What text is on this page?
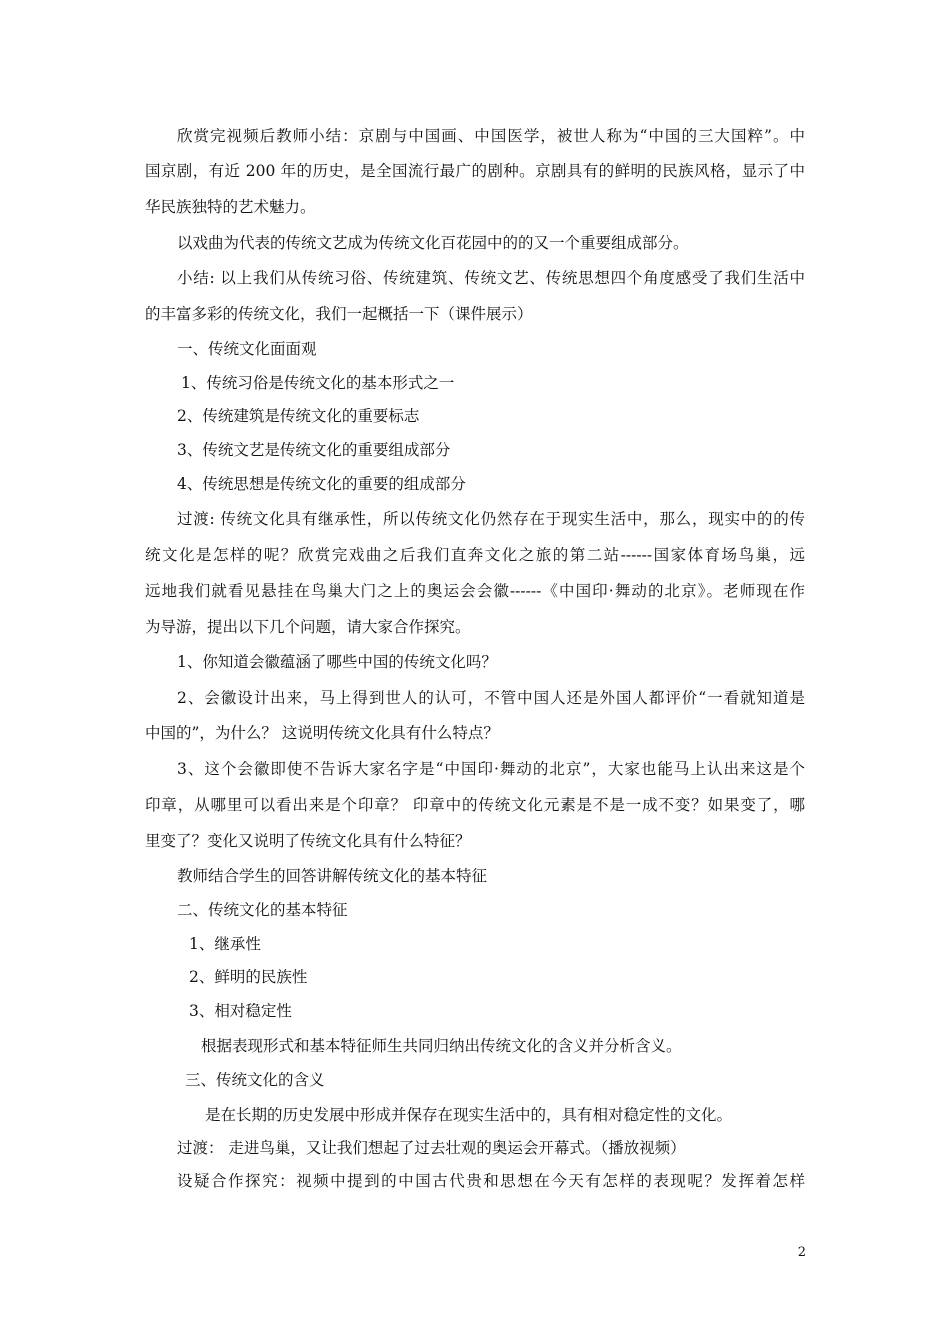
欣赏完视频后教师小结：京剧与中国画、中国医学，被世人称为“中国的三大国粹”。中

国京剧，有近 200 年的历史，是全国流行最广的剧种。京剧具有的鲜明的民族风格，显示了中

华民族独特的艺术魅力。

以戏曲为代表的传统文艺成为传统文化百花园中的的又一个重要组成部分。

小结: 以上我们从传统习俗、传统建筑、传统文艺、传统思想四个角度感受了我们生活中

的丰富多彩的传统文化，我们一起概括一下（课件展示）

一、传统文化面面观

1、传统习俗是传统文化的基本形式之一

2、传统建筑是传统文化的重要标志

3、传统文艺是传统文化的重要组成部分

4、传统思想是传统文化的重要的组成部分

过渡: 传统文化具有继承性，所以传统文化仍然存在于现实生活中，那么，现实中的的传

统文化是怎样的呢？欣赏完戏曲之后我们直奔文化之旅的第二站------国家体育场鸟巢，远

远地我们就看见悬挂在鸟巢大门之上的奥运会会徽------《中国印·舞动的北京》。老师现在作

为导游，提出以下几个问题，请大家合作探究。

1、你知道会徽蕴涵了哪些中国的传统文化吗？

2、会徽设计出来，马上得到世人的认可，不管中国人还是外国人都评价“一看就知道是

中国的”，为什么？ 这说明传统文化具有什么特点？

3、这个会徽即使不告诉大家名字是“中国印·舞动的北京”，大家也能马上认出来这是个

印章，从哪里可以看出来是个印章？ 印章中的传统文化元素是不是一成不变？如果变了，哪

里变了？变化又说明了传统文化具有什么特征？

教师结合学生的回答讲解传统文化的基本特征

二、传统文化的基本特征

1、继承性

2、鲜明的民族性

3、相对稳定性

根据表现形式和基本特征师生共同归纳出传统文化的含义并分析含义。

三、传统文化的含义

是在长期的历史发展中形成并保存在现实生活中的，具有相对稳定性的文化。

过渡： 走进鸟巢，又让我们想起了过去壮观的奥运会开幕式。（播放视频）

设疑合作探究：视频中提到的中国古代贵和思想在今天有怎样的表现呢？发挥着怎样

2
